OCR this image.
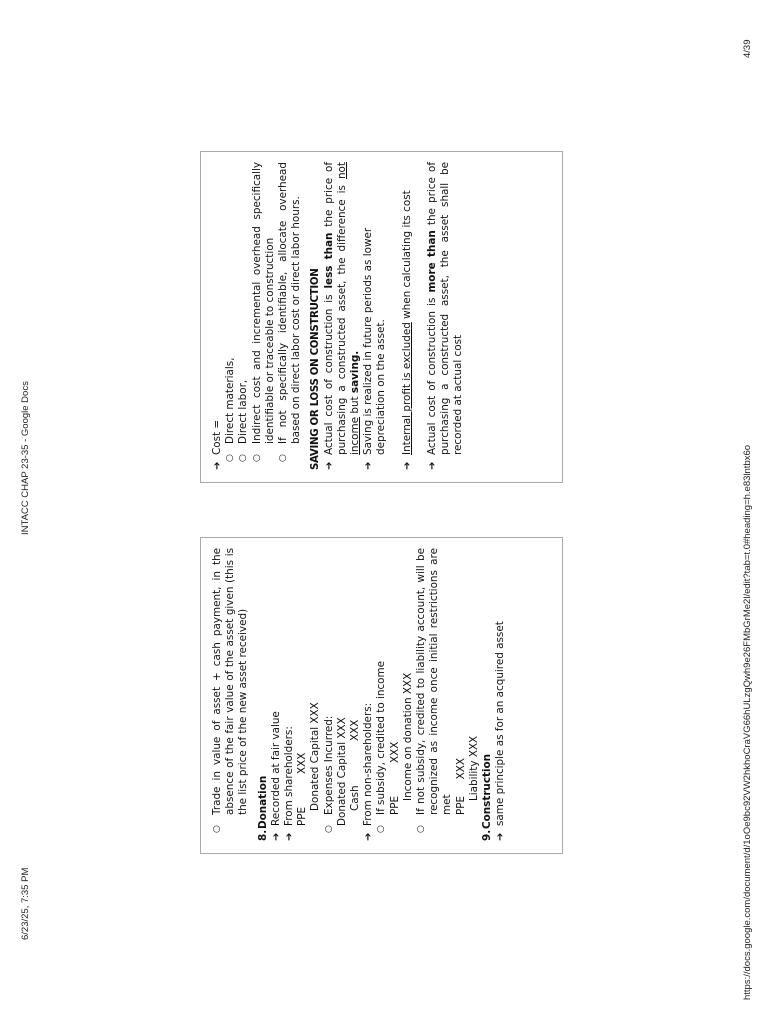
6/23/25, 7:35 PM
INTACC CHAP 23-35 - Google Docs
4/39
https://docs.google.com/document/d/1oOe9bc92VW2hkhoCraVG66hULzgQwh9e26FMbGrMe2l/edit?tab=t.0#heading=h.e83lntbx6o
○
Trade in value of asset + cash payment, in the absence of the fair value of the asset given (this is the list price of the new asset received)
8.
Donation
➔
Recorded at fair value
➔
From shareholders: PPE
XXX Donated Capital XXX
○
Expenses Incurred: Donated Capital XXX Cash
XXX
➔
From non-shareholders:
○
If subsidy, credited to income PPE
XXX Income on donation XXX
○
If not subsidy, credited to liability account, will be recognized as income once initial restrictions are met PPE     XXX Liability XXX
9.
Construction
➔
same principle as for an acquired asset
➔
Cost =
○
Direct materials,
○
Direct labor,
○
Indirect cost and incremental overhead specifically identifiable or traceable to construction
○
If not specifically identifiable, allocate overhead based on direct labor cost or direct labor hours. SAVING OR LOSS ON CONSTRUCTION ➔
Actual cost of construction is less than the price of purchasing a constructed asset, the difference is not income but saving.
➔
Saving is realized in future periods as lower depreciation on the asset.
➔
Internal profit is excluded when calculating its cost
➔
Actual cost of construction is more than the price of purchasing a constructed asset, the asset shall be recorded at actual cost
